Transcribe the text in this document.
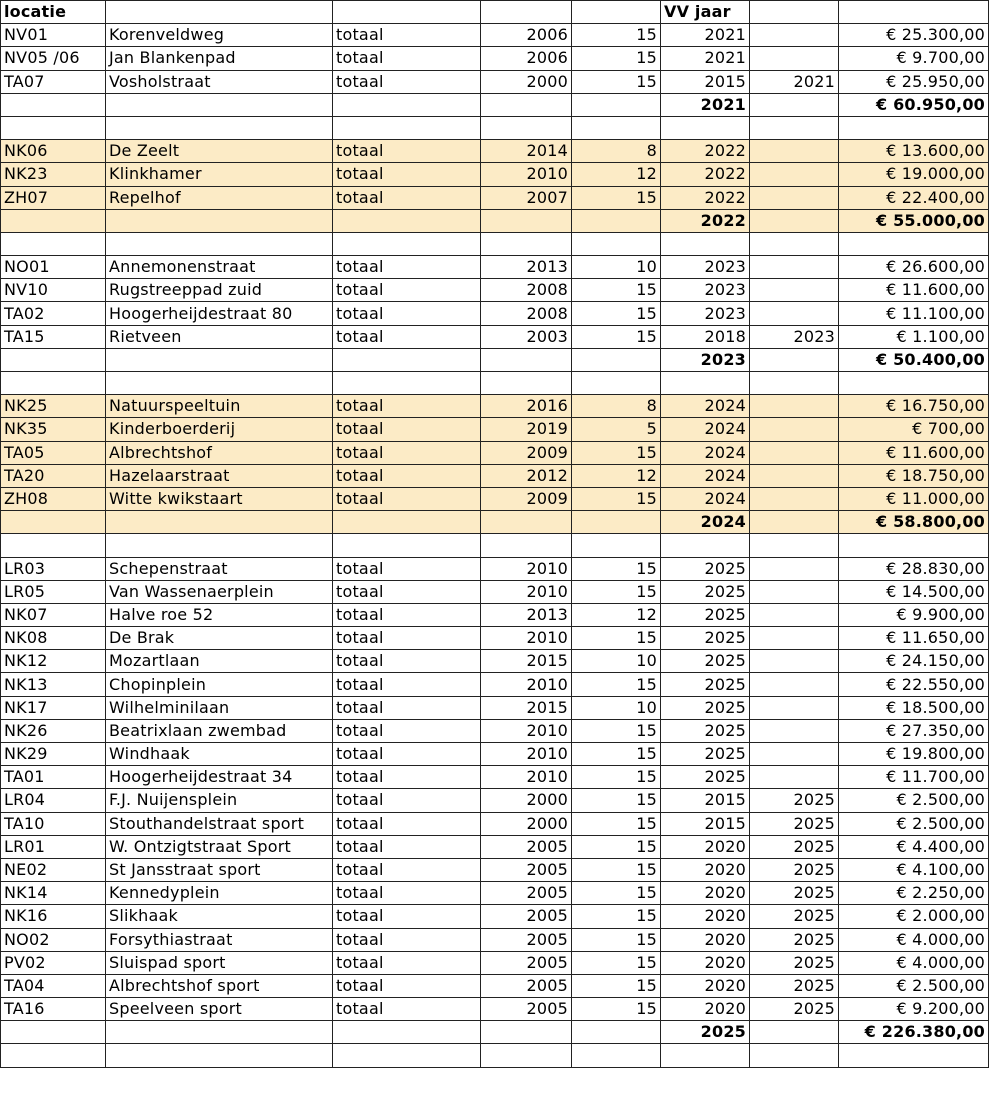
locatie					VV jaar		
NV01	Korenveldweg	totaal	2006	15	2021		€ 25.300,00
NV05 /06	Jan Blankenpad	totaal	2006	15	2021		€ 9.700,00
TA07	Vosholstraat	totaal	2000	15	2015	2021	€ 25.950,00
					2021		€ 60.950,00

NK06	De Zeelt	totaal	2014	8	2022		€ 13.600,00
NK23	Klinkhamer	totaal	2010	12	2022		€ 19.000,00
ZH07	Repelhof	totaal	2007	15	2022		€ 22.400,00
					2022		€ 55.000,00

NO01	Annemonenstraat	totaal	2013	10	2023		€ 26.600,00
NV10	Rugstreeppad zuid	totaal	2008	15	2023		€ 11.600,00
TA02	Hoogerheijdestraat 80	totaal	2008	15	2023		€ 11.100,00
TA15	Rietveen	totaal	2003	15	2018	2023	€ 1.100,00
					2023		€ 50.400,00

NK25	Natuurspeeltuin	totaal	2016	8	2024		€ 16.750,00
NK35	Kinderboerderij	totaal	2019	5	2024		€ 700,00
TA05	Albrechtshof	totaal	2009	15	2024		€ 11.600,00
TA20	Hazelaarstraat	totaal	2012	12	2024		€ 18.750,00
ZH08	Witte kwikstaart	totaal	2009	15	2024		€ 11.000,00
					2024		€ 58.800,00

LR03	Schepenstraat	totaal	2010	15	2025		€ 28.830,00
LR05	Van Wassenaerplein	totaal	2010	15	2025		€ 14.500,00
NK07	Halve roe 52	totaal	2013	12	2025		€ 9.900,00
NK08	De Brak	totaal	2010	15	2025		€ 11.650,00
NK12	Mozartlaan	totaal	2015	10	2025		€ 24.150,00
NK13	Chopinplein	totaal	2010	15	2025		€ 22.550,00
NK17	Wilhelminilaan	totaal	2015	10	2025		€ 18.500,00
NK26	Beatrixlaan zwembad	totaal	2010	15	2025		€ 27.350,00
NK29	Windhaak	totaal	2010	15	2025		€ 19.800,00
TA01	Hoogerheijdestraat 34	totaal	2010	15	2025		€ 11.700,00
LR04	F.J. Nuijensplein	totaal	2000	15	2015	2025	€ 2.500,00
TA10	Stouthandelstraat sport	totaal	2000	15	2015	2025	€ 2.500,00
LR01	W. Ontzigtstraat Sport	totaal	2005	15	2020	2025	€ 4.400,00
NE02	St Jansstraat sport	totaal	2005	15	2020	2025	€ 4.100,00
NK14	Kennedyplein	totaal	2005	15	2020	2025	€ 2.250,00
NK16	Slikhaak	totaal	2005	15	2020	2025	€ 2.000,00
NO02	Forsythiastraat	totaal	2005	15	2020	2025	€ 4.000,00
PV02	Sluispad sport	totaal	2005	15	2020	2025	€ 4.000,00
TA04	Albrechtshof sport	totaal	2005	15	2020	2025	€ 2.500,00
TA16	Speelveen sport	totaal	2005	15	2020	2025	€ 9.200,00
					2025		€ 226.380,00
